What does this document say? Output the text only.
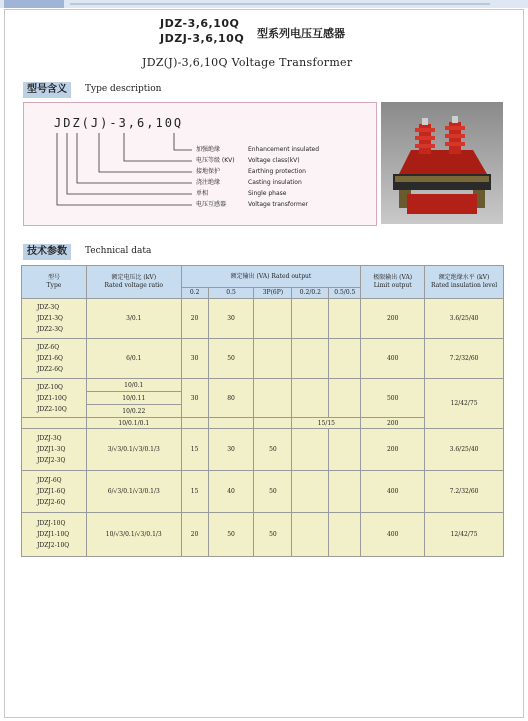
JDZ-3,6,10Q
JDZJ-3,6,10Q 型系列电压互感器
JDZ(J)-3,6,10Q Voltage Transformer
型号含义	Type description
JDZ(J)-3,6,10Q
加强绝缘	Enhancement insulated
电压等级 (KV) Voltage class(kV)
接地保护	Earthing protection
浇注绝缘	Casting insulation
单相	Single phase
电压互感器	Voltage transformer
技术参数	Technical data
型号
Type	额定电压比 (kV)
Rated voltage ratio	额定输出 (VA) Rated output					极限输出 (VA)
Limit output	额定绝缘水平 (kV)
Rated insulation level

		0.2	0.5	3P(6P)	0.2/0.2	0.5/0.5		

JDZ-3Q
JDZ1-3Q
JDZ2-3Q	3/0.1	20	30				200	3.6/25/40

JDZ-6Q
JDZ1-6Q
JDZ2-6Q	6/0.1	30	50				400	7.2/32/60

JDZ-10Q
JDZ1-10Q
JDZ2-10Q	10/0.1	30	80				500	12/42/75
	10/0.11							
	10/0.22							
	10/0.1/0.1				15/15		200	

JDZJ-3Q
JDZJ1-3Q
JDZJ2-3Q	3/√3/0.1/√3/0.1/3	15	30	50			200	3.6/25/40

JDZJ-6Q
JDZJ1-6Q
JDZJ2-6Q	6/√3/0.1/√3/0.1/3	15	40	50			400	7.2/32/60

JDZJ-10Q
JDZJ1-10Q
JDZJ2-10Q	10/√3/0.1/√3/0.1/3	20	50	50			400	12/42/75
